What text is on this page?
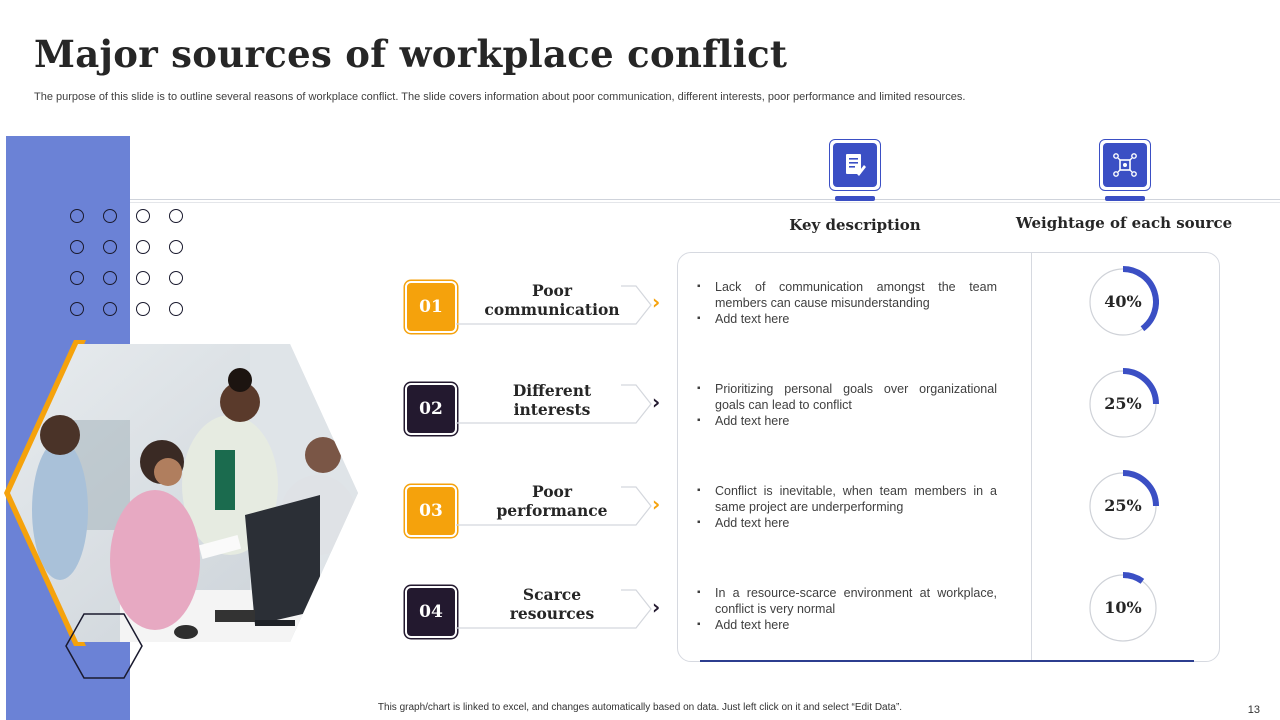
Major sources of workplace conflict
The purpose of this slide is to outline several reasons of workplace conflict. The slide covers information about poor communication, different interests, poor performance and limited resources.
Key description	Weightage of each source
01
Poor
communication	›
▪ Lack of communication amongst the team members can cause misunderstanding
▪ Add text here
40%
02
Different
interests	›
▪ Prioritizing personal goals over organizational goals can lead to conflict
▪ Add text here
25%
03
Poor
performance	›
▪ Conflict is inevitable, when team members in a same project are underperforming
▪ Add text here
25%
04
Scarce
resources	›
▪ In a resource-scarce environment at workplace, conflict is very normal
▪ Add text here
10%
This graph/chart is linked to excel, and changes automatically based on data. Just left click on it and select “Edit Data”.	13
